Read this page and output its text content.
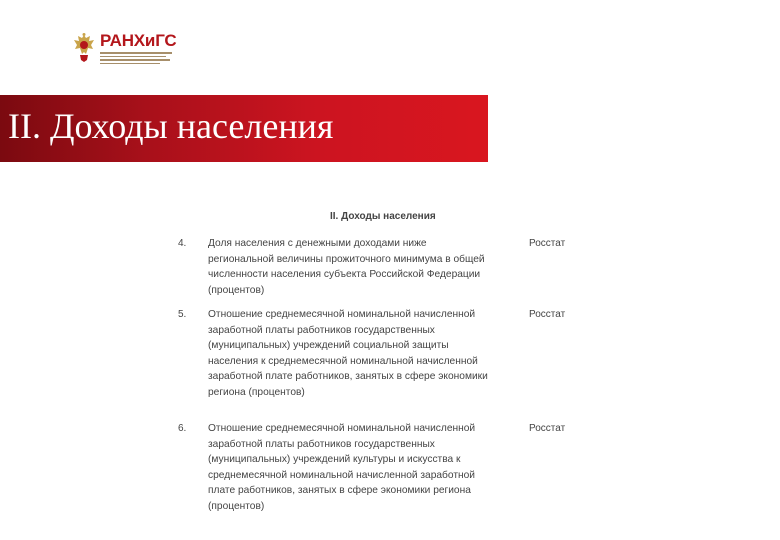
РАНХиГС
II. Доходы населения
II. Доходы населения
4. Доля населения с денежными доходами ниже региональной величины прожиточного минимума в общей численности населения субъекта Российской Федерации (процентов)
Росстат
5. Отношение среднемесячной номинальной начисленной заработной платы работников государственных (муниципальных) учреждений социальной защиты населения к среднемесячной номинальной начисленной заработной плате работников, занятых в сфере экономики региона (процентов)
Росстат
6. Отношение среднемесячной номинальной начисленной заработной платы работников государственных (муниципальных) учреждений культуры и искусства к среднемесячной номинальной начисленной заработной плате работников, занятых в сфере экономики региона (процентов)
Росстат
